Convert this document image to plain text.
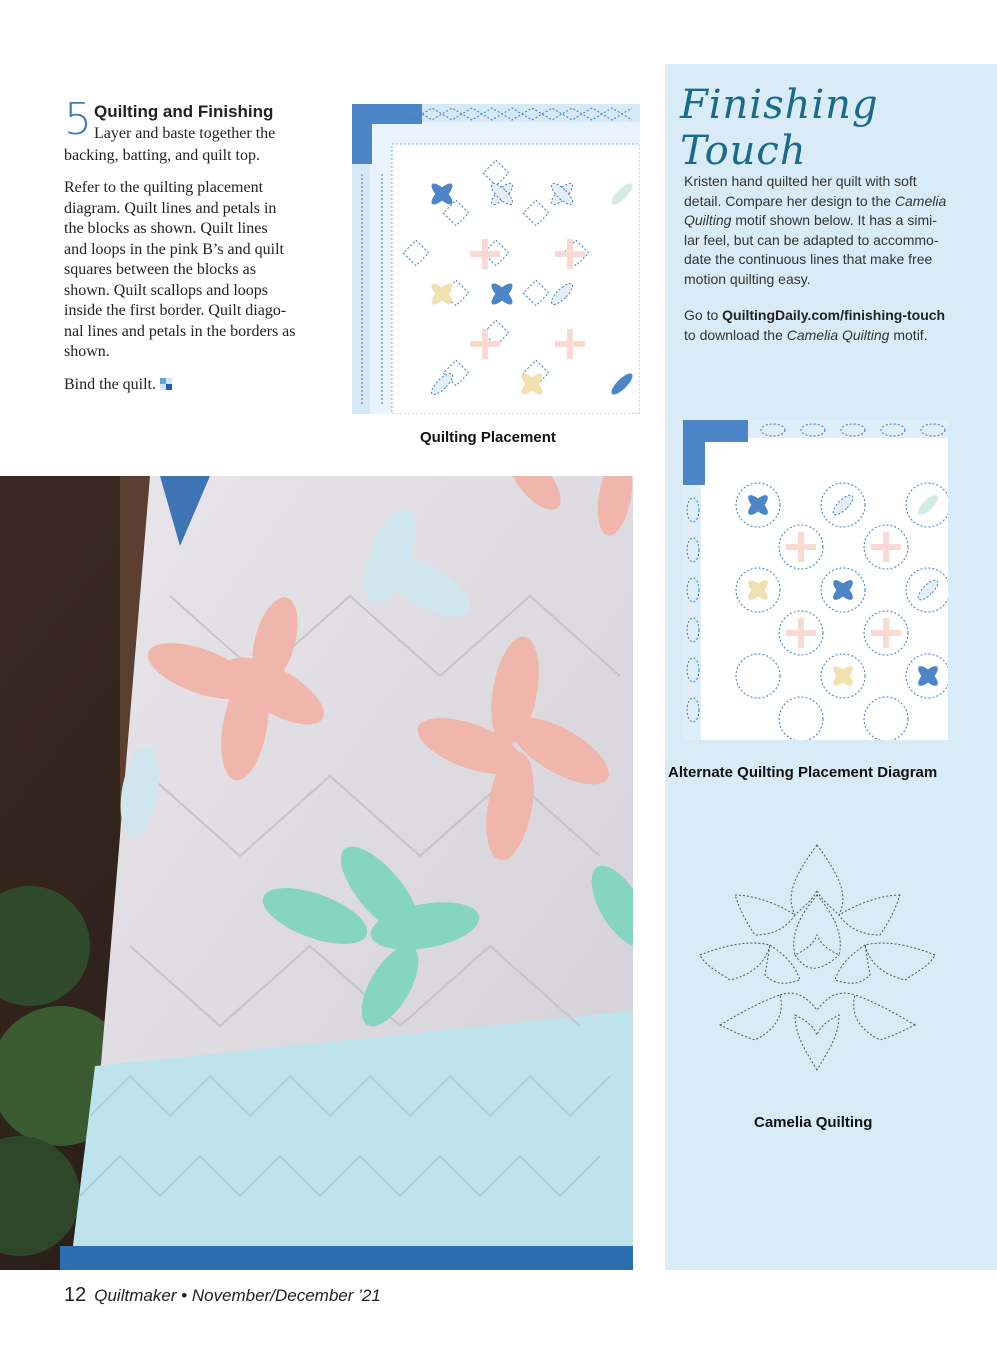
5 Quilting and Finishing
Layer and baste together the
backing, batting, and quilt top.

Refer to the quilting placement
diagram. Quilt lines and petals in
the blocks as shown. Quilt lines
and loops in the pink B’s and quilt
squares between the blocks as
shown. Quilt scallops and loops
inside the first border. Quilt diago-
nal lines and petals in the borders as
shown.

Bind the quilt.

Quilting Placement
Finishing Touch

Kristen hand quilted her quilt with soft
detail. Compare her design to the Camelia
Quilting motif shown below. It has a simi-
lar feel, but can be adapted to accommo-
date the continuous lines that make free
motion quilting easy.

Go to QuiltingDaily.com/finishing-touch
to download the Camelia Quilting motif.

Alternate Quilting Placement Diagram
Camelia Quilting
12 Quiltmaker • November/December ’21
